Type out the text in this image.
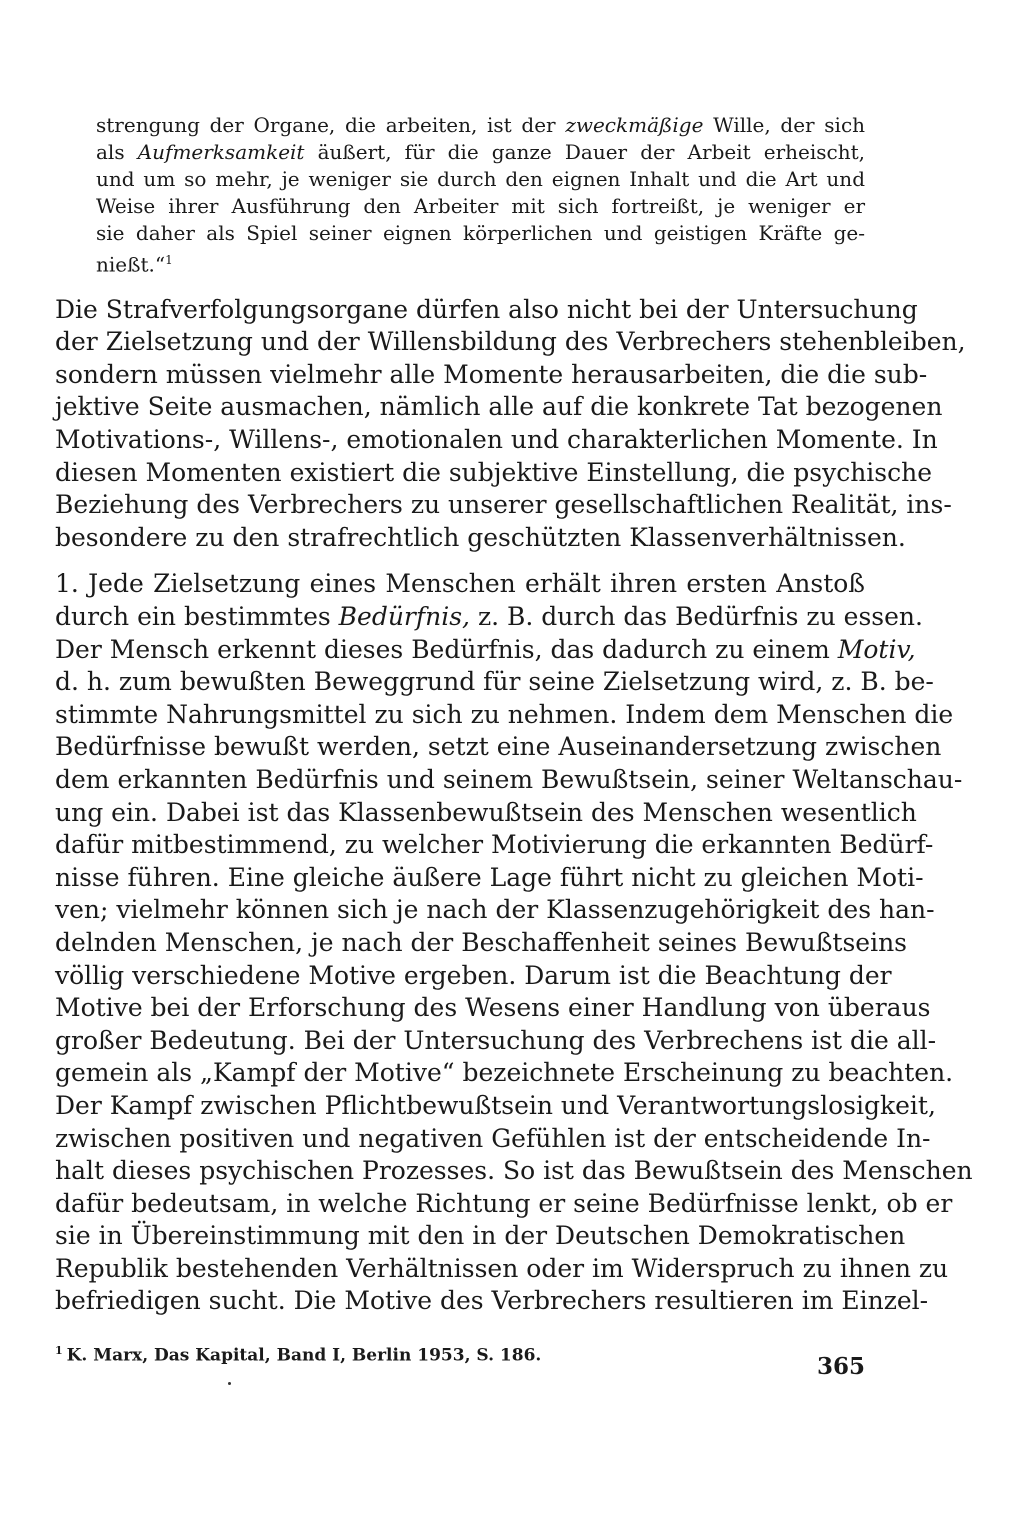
strengung der Organe, die arbeiten, ist der zweckmäßige Wille, der sich
als Aufmerksamkeit äußert, für die ganze Dauer der Arbeit erheischt,
und um so mehr, je weniger sie durch den eignen Inhalt und die Art und
Weise ihrer Ausführung den Arbeiter mit sich fortreißt, je weniger er
sie daher als Spiel seiner eignen körperlichen und geistigen Kräfte ge-
nießt.“$^1$
Die Strafverfolgungsorgane dürfen also nicht bei der Untersuchung
der Zielsetzung und der Willensbildung des Verbrechers stehenbleiben,
sondern müssen vielmehr alle Momente herausarbeiten, die die sub-
jektive Seite ausmachen, nämlich alle auf die konkrete Tat bezogenen
Motivations-, Willens-, emotionalen und charakterlichen Momente. In
diesen Momenten existiert die subjektive Einstellung, die psychische
Beziehung des Verbrechers zu unserer gesellschaftlichen Realität, ins-
besondere zu den strafrechtlich geschützten Klassenverhältnissen.
1. Jede Zielsetzung eines Menschen erhält ihren ersten Anstoß
durch ein bestimmtes Bedürfnis, z. B. durch das Bedürfnis zu essen.
Der Mensch erkennt dieses Bedürfnis, das dadurch zu einem Motiv,
d. h. zum bewußten Beweggrund für seine Zielsetzung wird, z. B. be-
stimmte Nahrungsmittel zu sich zu nehmen. Indem dem Menschen die
Bedürfnisse bewußt werden, setzt eine Auseinandersetzung zwischen
dem erkannten Bedürfnis und seinem Bewußtsein, seiner Weltanschau-
ung ein. Dabei ist das Klassenbewußtsein des Menschen wesentlich
dafür mitbestimmend, zu welcher Motivierung die erkannten Bedürf-
nisse führen. Eine gleiche äußere Lage führt nicht zu gleichen Moti-
ven; vielmehr können sich je nach der Klassenzugehörigkeit des han-
delnden Menschen, je nach der Beschaffenheit seines Bewußtseins
völlig verschiedene Motive ergeben. Darum ist die Beachtung der
Motive bei der Erforschung des Wesens einer Handlung von überaus
großer Bedeutung. Bei der Untersuchung des Verbrechens ist die all-
gemein als „Kampf der Motive“ bezeichnete Erscheinung zu beachten.
Der Kampf zwischen Pflichtbewußtsein und Verantwortungslosigkeit,
zwischen positiven und negativen Gefühlen ist der entscheidende In-
halt dieses psychischen Prozesses. So ist das Bewußtsein des Menschen
dafür bedeutsam, in welche Richtung er seine Bedürfnisse lenkt, ob er
sie in Übereinstimmung mit den in der Deutschen Demokratischen
Republik bestehenden Verhältnissen oder im Widerspruch zu ihnen zu
befriedigen sucht. Die Motive des Verbrechers resultieren im Einzel-
$^1$ K. Marx, Das Kapital, Band I, Berlin 1953, S. 186.	365
